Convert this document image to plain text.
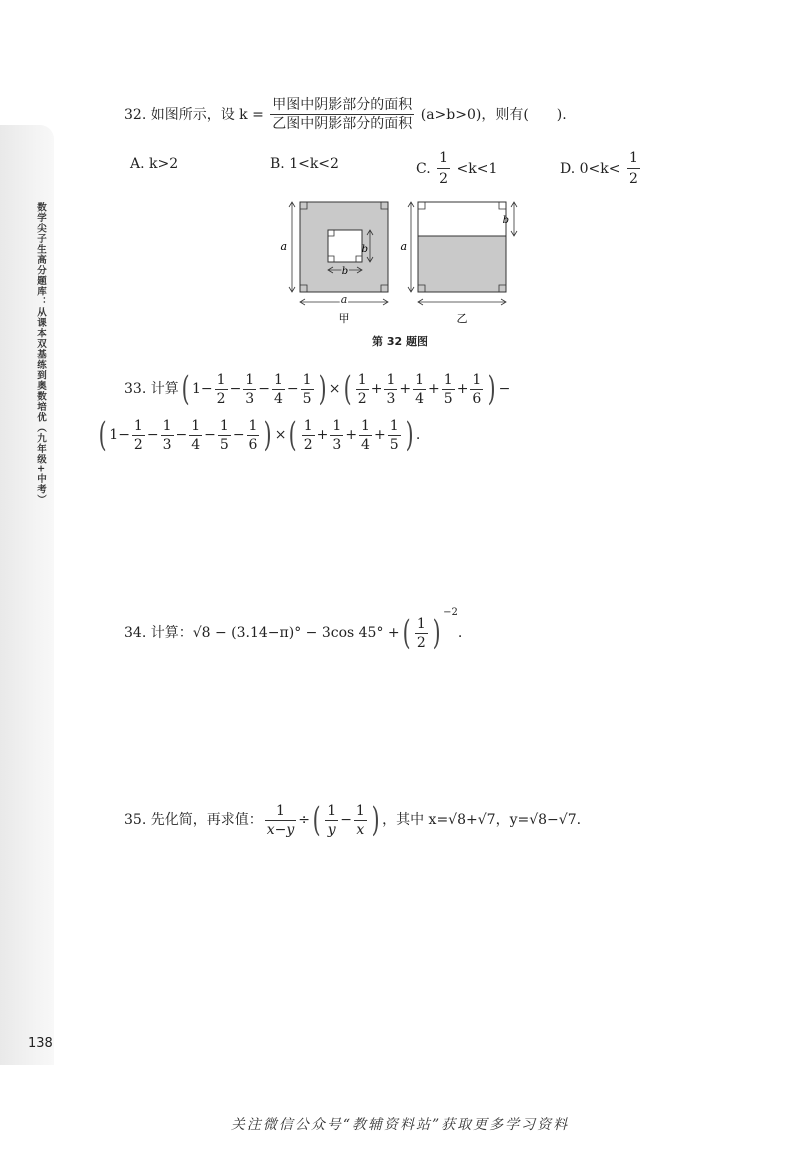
数学尖子生高分题库：从课本双基练到奥数培优（九年级+中考）
138
32. 如图所示，设 $k = \frac{\text{甲图中阴影部分的面积}}{\text{乙图中阴影部分的面积}} (a>b>0)$，则有(　　).
A. k>2	B. 1<k<2	C. $\frac{1}{2} <k<1$	D. $0<k< \frac{1}{2}$
a
a
b
b
甲
a
b
乙
第 32 题图
33. 计算( $1- \frac{1}{2} - \frac{1}{3} - \frac{1}{4} - \frac{1}{5}$ ) ×( $\frac{1}{2} + \frac{1}{3} + \frac{1}{4} + \frac{1}{5} + \frac{1}{6}$ ) −
( $1- \frac{1}{2} - \frac{1}{3} - \frac{1}{4} - \frac{1}{5} - \frac{1}{6}$ ) ×( $\frac{1}{2} + \frac{1}{3} + \frac{1}{4} + \frac{1}{5}$ ) .
34. 计算：√8 − (3.14−π)° − 3cos 45° +( $\frac{1}{2} )^{-2}$.
35. 先化简，再求值： $\frac{1}{x-y}$ ÷( $\frac{1}{y} - \frac{1}{x}$ ) ，其中 x=√8+√7，y=√8−√7.
关注微信公众号“教辅资料站”获取更多学习资料
